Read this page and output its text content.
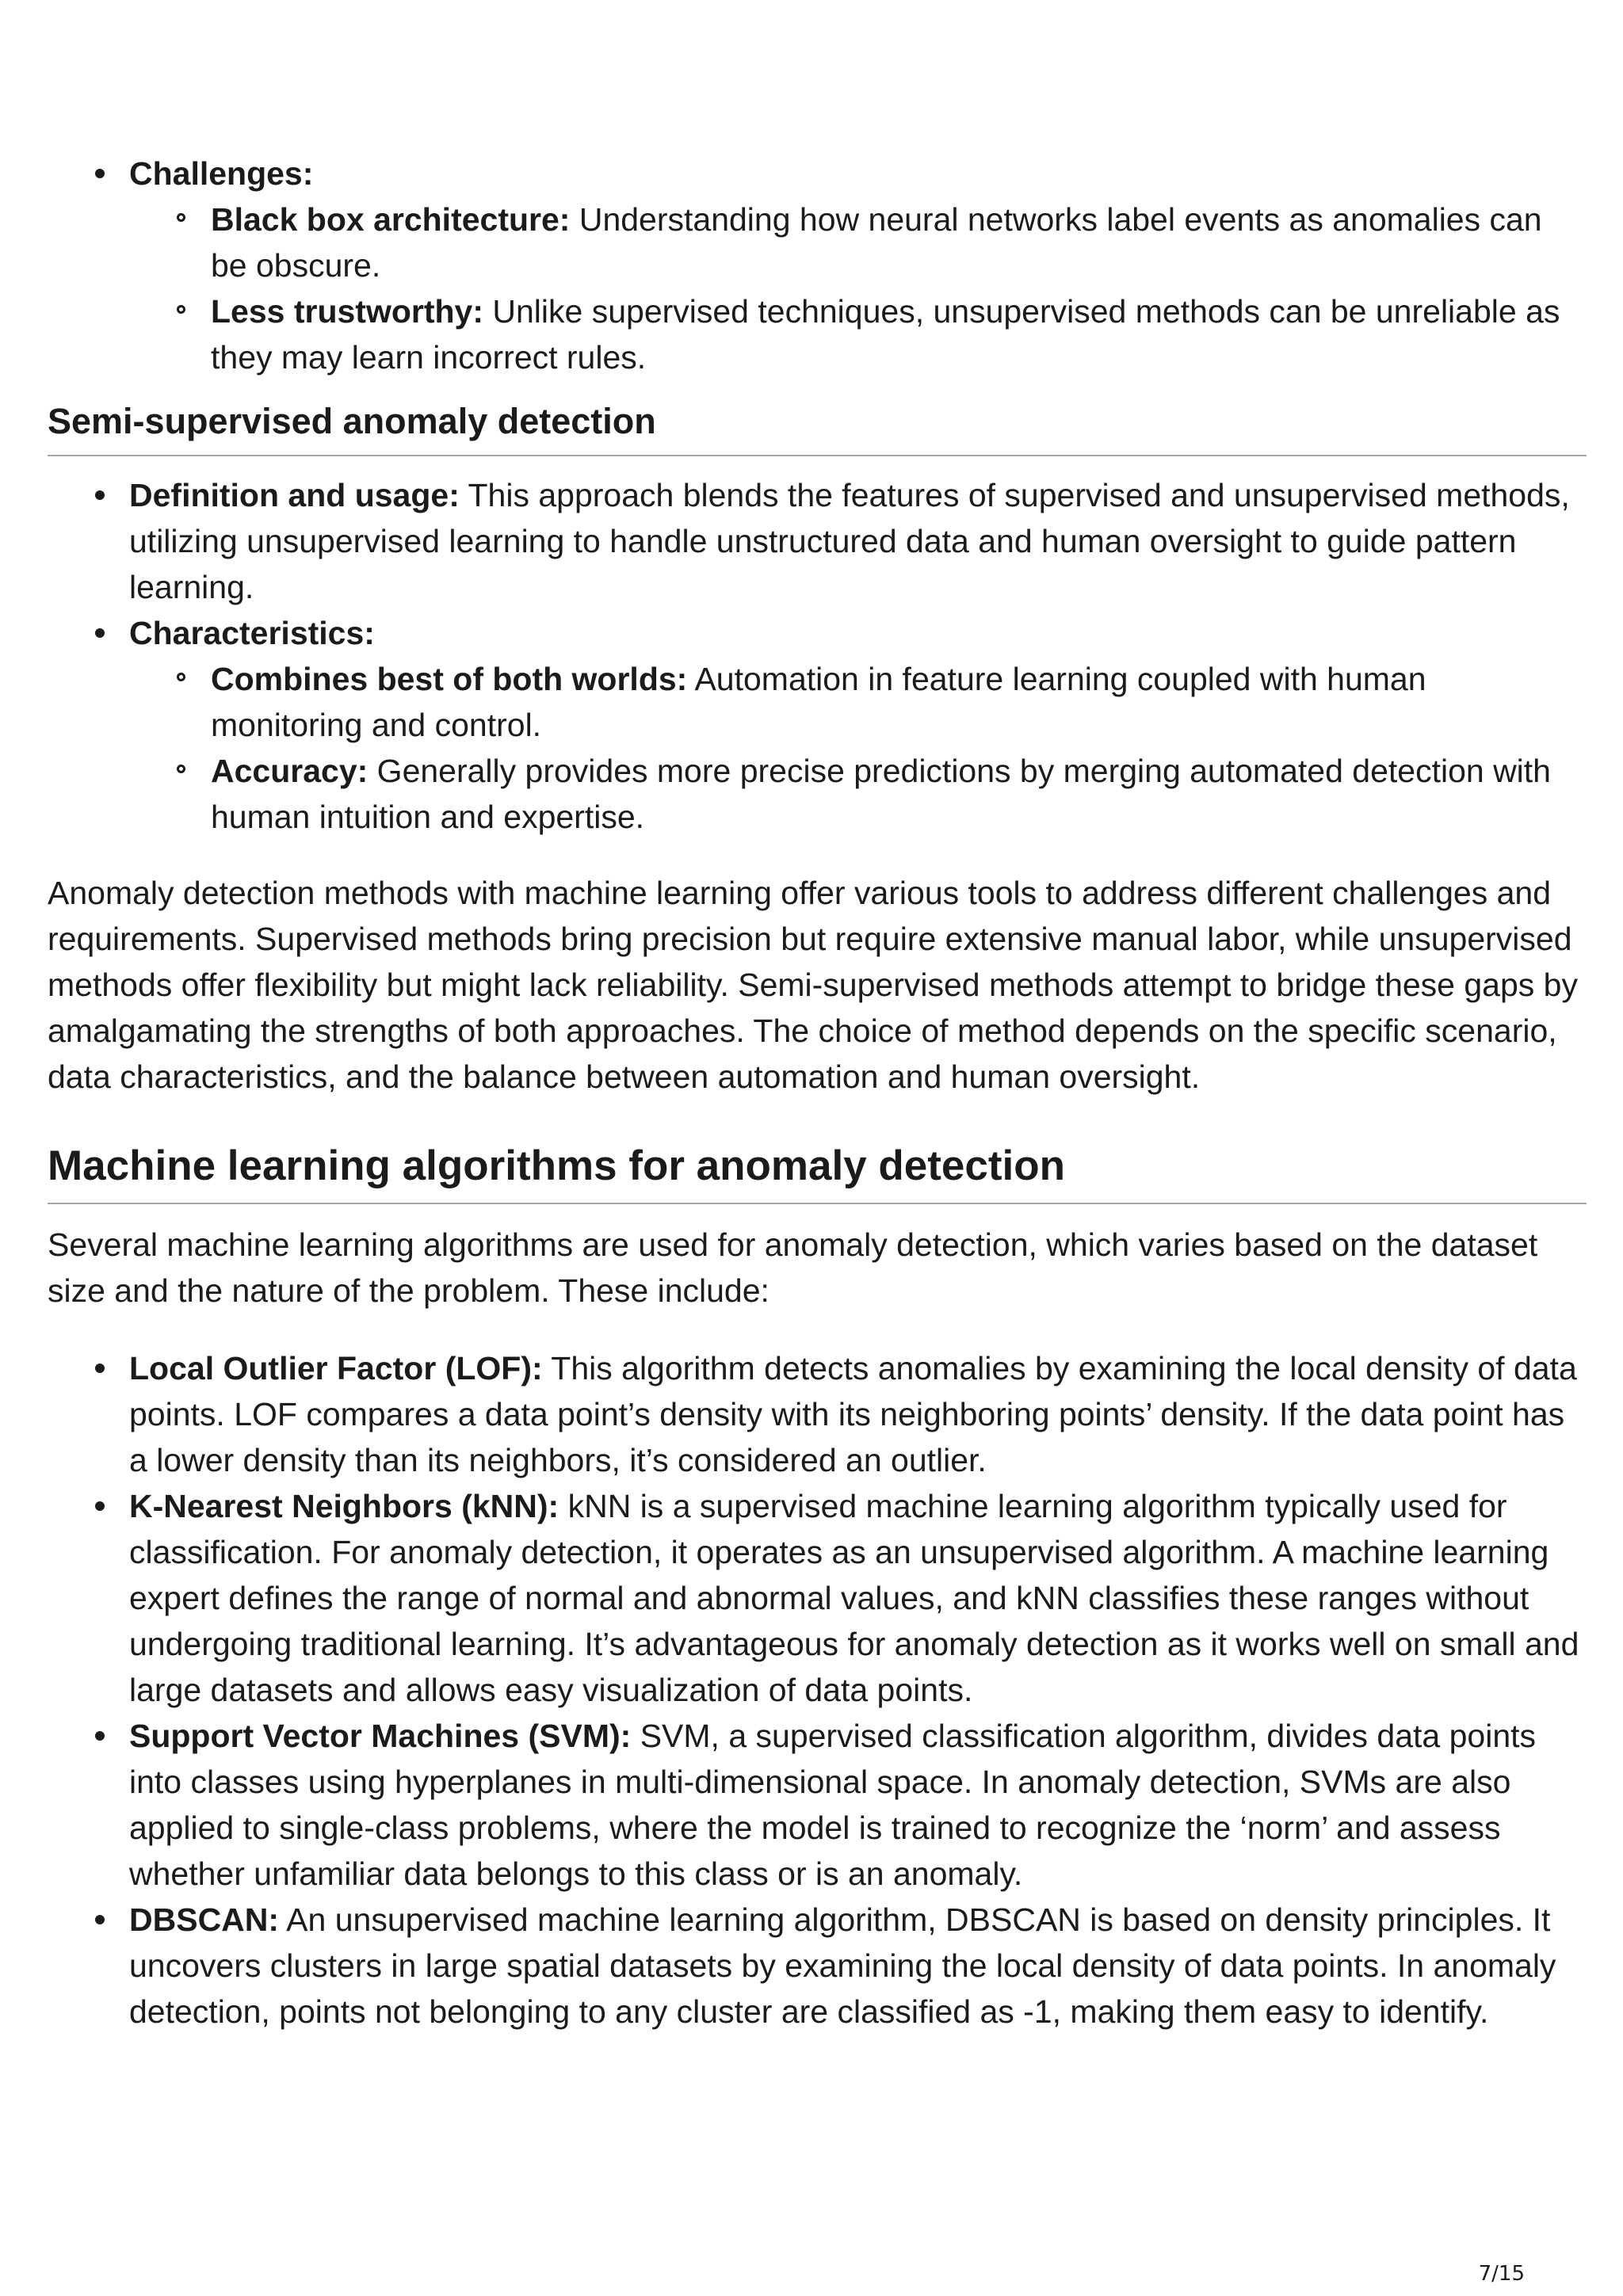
Challenges:
Black box architecture: Understanding how neural networks label events as anomalies can be obscure.
Less trustworthy: Unlike supervised techniques, unsupervised methods can be unreliable as they may learn incorrect rules.
Semi-supervised anomaly detection
Definition and usage: This approach blends the features of supervised and unsupervised methods, utilizing unsupervised learning to handle unstructured data and human oversight to guide pattern learning.
Characteristics:
Combines best of both worlds: Automation in feature learning coupled with human monitoring and control.
Accuracy: Generally provides more precise predictions by merging automated detection with human intuition and expertise.

Anomaly detection methods with machine learning offer various tools to address different challenges and requirements. Supervised methods bring precision but require extensive manual labor, while unsupervised methods offer flexibility but might lack reliability. Semi-supervised methods attempt to bridge these gaps by amalgamating the strengths of both approaches. The choice of method depends on the specific scenario, data characteristics, and the balance between automation and human oversight.

Machine learning algorithms for anomaly detection

Several machine learning algorithms are used for anomaly detection, which varies based on the dataset size and the nature of the problem. These include:

Local Outlier Factor (LOF): This algorithm detects anomalies by examining the local density of data points. LOF compares a data point’s density with its neighboring points’ density. If the data point has a lower density than its neighbors, it’s considered an outlier.
K-Nearest Neighbors (kNN): kNN is a supervised machine learning algorithm typically used for classification. For anomaly detection, it operates as an unsupervised algorithm. A machine learning expert defines the range of normal and abnormal values, and kNN classifies these ranges without undergoing traditional learning. It’s advantageous for anomaly detection as it works well on small and large datasets and allows easy visualization of data points.
Support Vector Machines (SVM): SVM, a supervised classification algorithm, divides data points into classes using hyperplanes in multi-dimensional space. In anomaly detection, SVMs are also applied to single-class problems, where the model is trained to recognize the ‘norm’ and assess whether unfamiliar data belongs to this class or is an anomaly.
DBSCAN: An unsupervised machine learning algorithm, DBSCAN is based on density principles. It uncovers clusters in large spatial datasets by examining the local density of data points. In anomaly detection, points not belonging to any cluster are classified as -1, making them easy to identify.
7/15
